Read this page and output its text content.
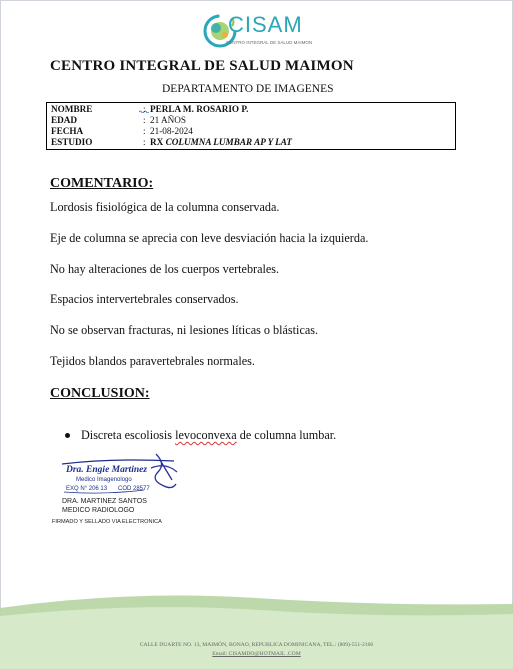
CISAM
CENTRO INTEGRAL DE SALUD MAIMON
CENTRO INTEGRAL DE SALUD MAIMON
DEPARTAMENTO DE IMAGENES
NOMBRE	: PERLA M. ROSARIO P.
EDAD	: 21 AÑOS
FECHA	: 21-08-2024
ESTUDIO	: RX COLUMNA LUMBAR AP Y LAT
COMENTARIO:
Lordosis fisiológica de la columna conservada.
Eje de columna se aprecia con leve desviación hacia la izquierda.
No hay alteraciones de los cuerpos vertebrales.
Espacios intervertebrales conservados.
No se observan fracturas, ni lesiones líticas o blásticas.
Tejidos blandos paravertebrales normales.
CONCLUSION:
Discreta escoliosis levoconvexa de columna lumbar.
Dra. Engie Martinez
Medico Imagenologo
EXQ N° 206 13 COD 28577
DRA. MARTINEZ SANTOS
MEDICO RADIOLOGO
FIRMADO Y SELLADO VIA ELECTRONICA
CALLE DUARTE NO. 13, MAIMÓN, BONAO, REPUBLICA DOMINICANA, TEL.: (809)-551-2106
Email: CISAMDO@HOTMAIL .COM
